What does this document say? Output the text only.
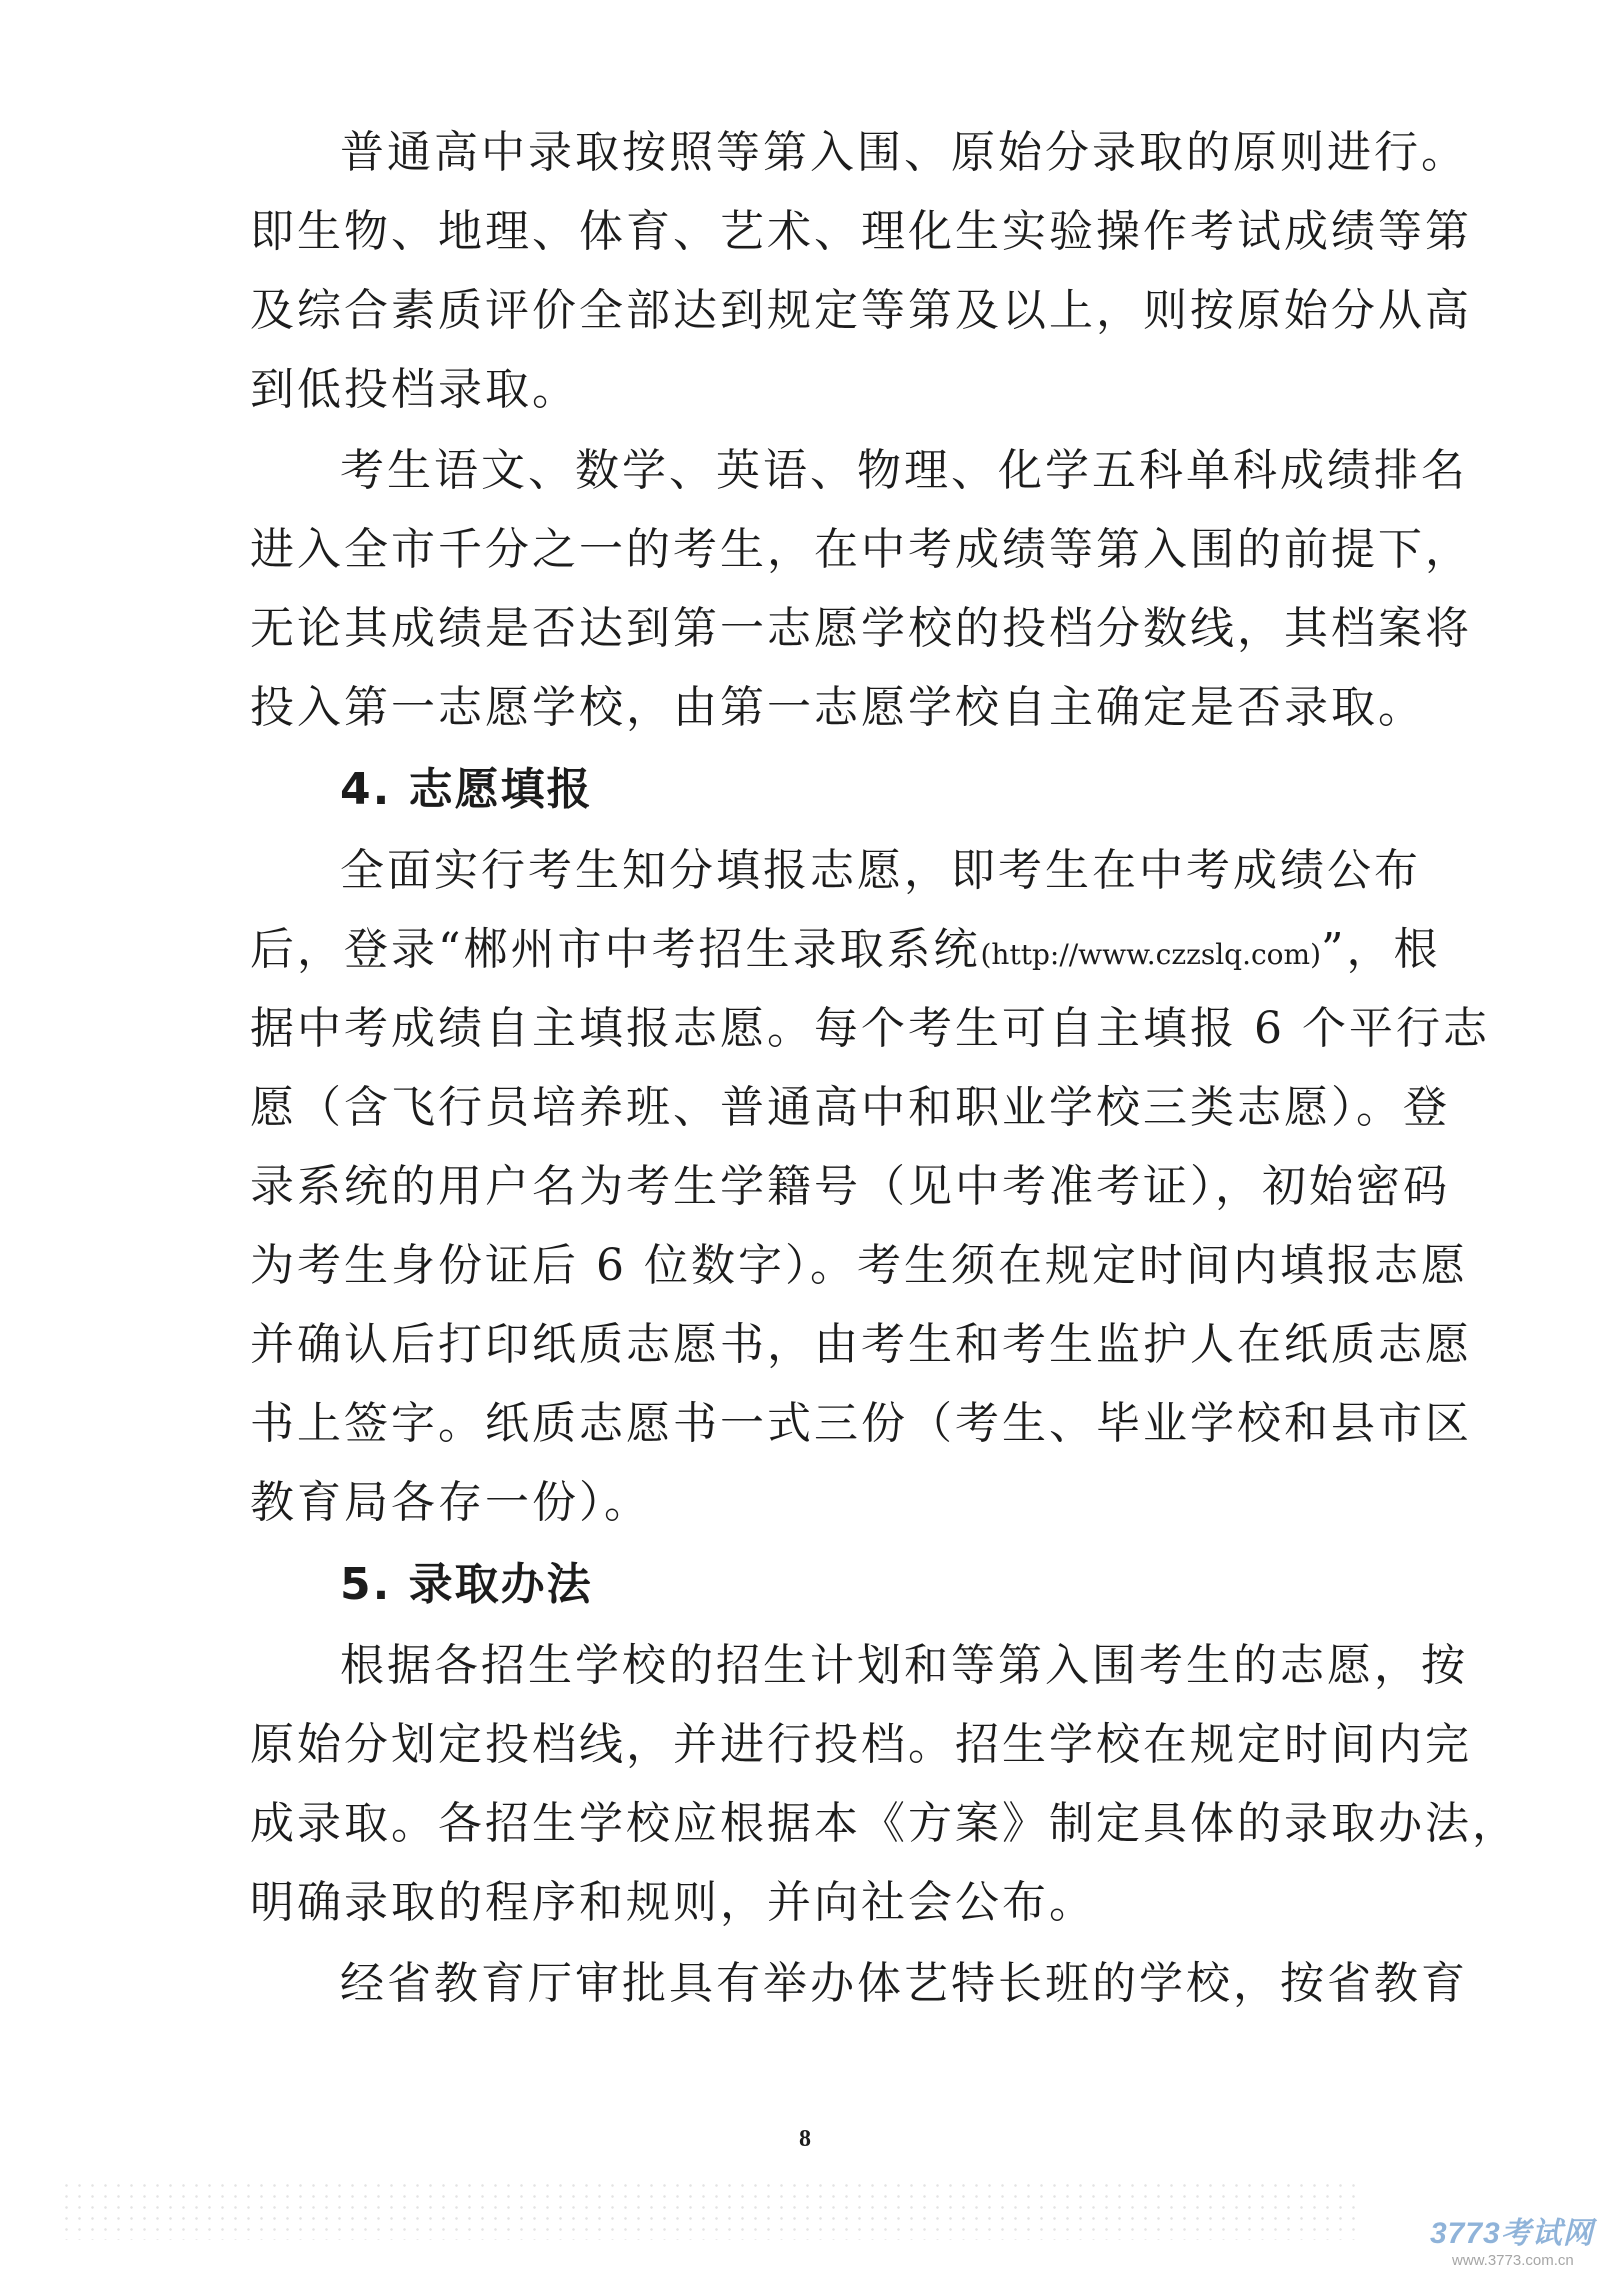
普通高中录取按照等第入围、原始分录取的原则进行。
即生物、地理、体育、艺术、理化生实验操作考试成绩等第
及综合素质评价全部达到规定等第及以上，则按原始分从高
到低投档录取。
考生语文、数学、英语、物理、化学五科单科成绩排名
进入全市千分之一的考生，在中考成绩等第入围的前提下，
无论其成绩是否达到第一志愿学校的投档分数线，其档案将
投入第一志愿学校，由第一志愿学校自主确定是否录取。
4. 志愿填报
全面实行考生知分填报志愿，即考生在中考成绩公布
后，登录“郴州市中考招生录取系统 (http://www.czzslq.com) ”， 根
据中考成绩自主填报志愿。每个考生可自主填报 6 个平行志
愿（含飞行员培养班、普通高中和职业学校三类志愿）。登
录系统的用户名为考生学籍号（见中考准考证），初始密码
为考生身份证后 6 位数字）。考生须在规定时间内填报志愿
并确认后打印纸质志愿书，由考生和考生监护人在纸质志愿
书上签字。纸质志愿书一式三份（考生、毕业学校和县市区
教育局各存一份）。
5. 录取办法
根据各招生学校的招生计划和等第入围考生的志愿，按
原始分划定投档线，并进行投档。招生学校在规定时间内完
成录取。各招生学校应根据本《方案》制定具体的录取办法，
明确录取的程序和规则，并向社会公布。
经省教育厅审批具有举办体艺特长班的学校，按省教育
8
3773考试网
www.3773.com.cn
